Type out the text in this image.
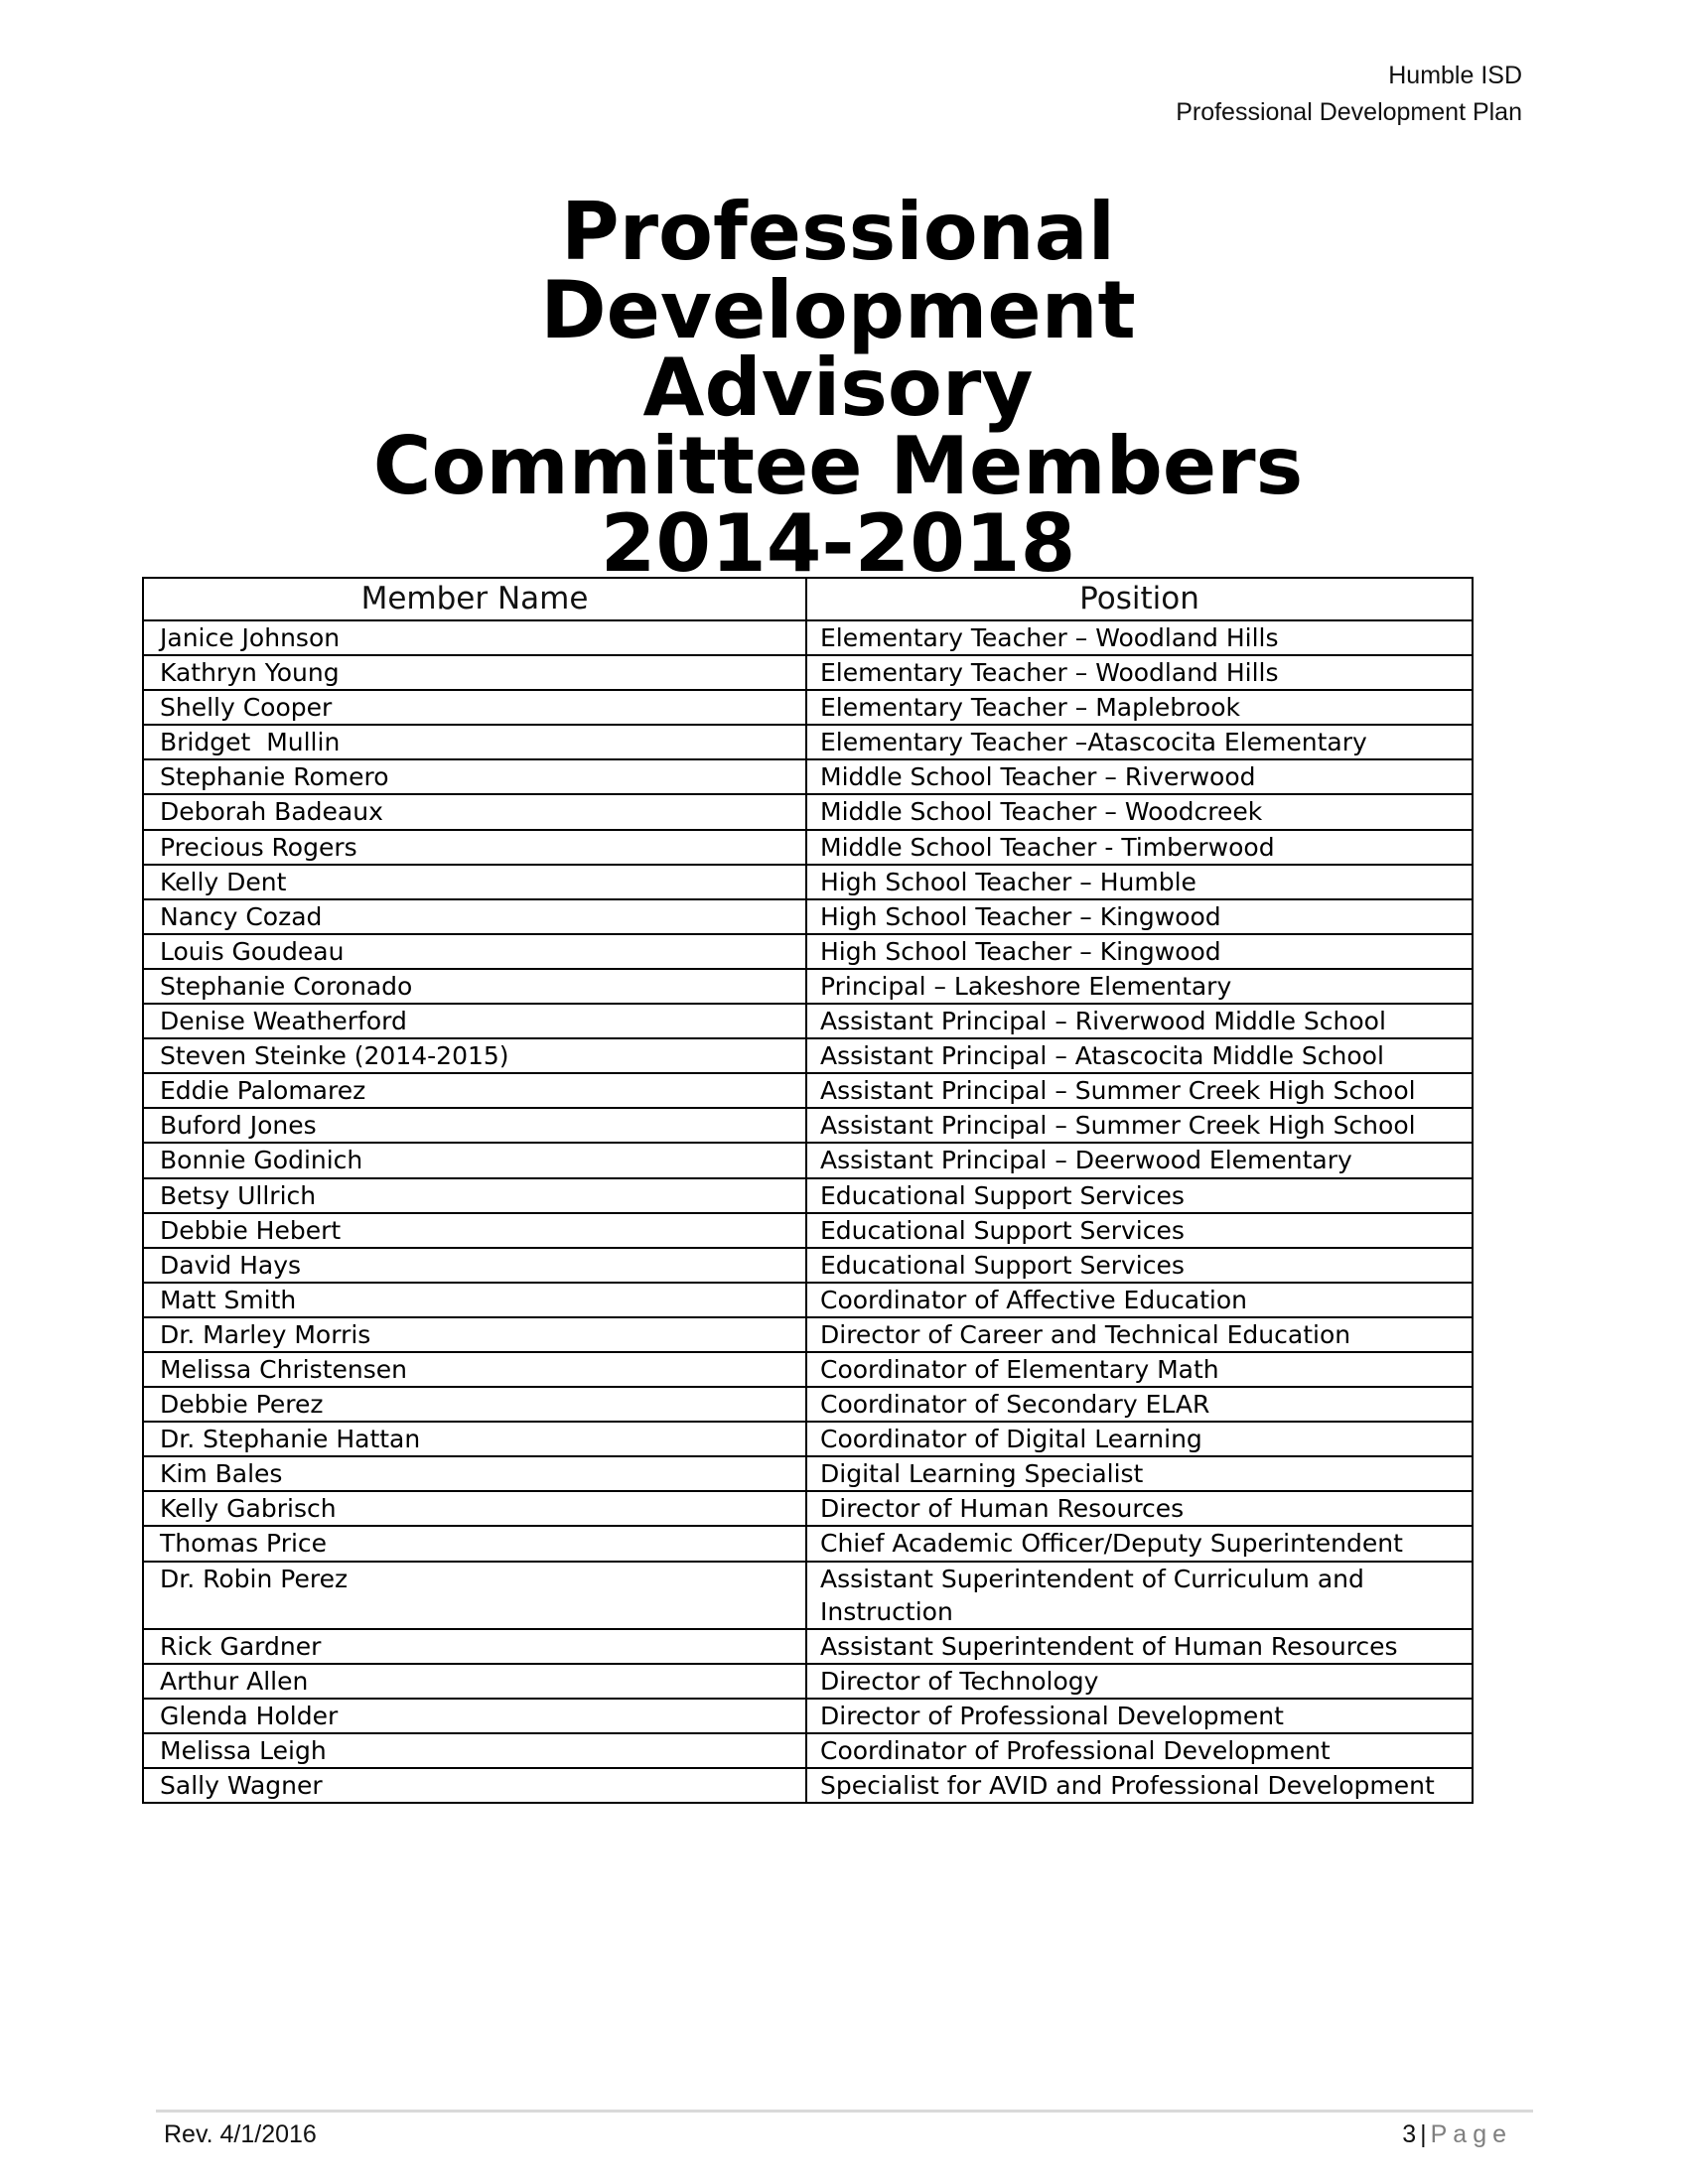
Humble ISD
Professional Development Plan
Professional
Development Advisory
Committee Members
2014-2018
Member Name	Position
Janice Johnson	Elementary Teacher – Woodland Hills
Kathryn Young	Elementary Teacher – Woodland Hills
Shelly Cooper	Elementary Teacher – Maplebrook
Bridget  Mullin	Elementary Teacher –Atascocita Elementary
Stephanie Romero	Middle School Teacher – Riverwood
Deborah Badeaux	Middle School Teacher – Woodcreek
Precious Rogers	Middle School Teacher - Timberwood
Kelly Dent	High School Teacher – Humble
Nancy Cozad	High School Teacher – Kingwood
Louis Goudeau	High School Teacher – Kingwood
Stephanie Coronado	Principal – Lakeshore Elementary
Denise Weatherford	Assistant Principal – Riverwood Middle School
Steven Steinke (2014-2015)	Assistant Principal – Atascocita Middle School
Eddie Palomarez	Assistant Principal – Summer Creek High School
Buford Jones	Assistant Principal – Summer Creek High School
Bonnie Godinich	Assistant Principal – Deerwood Elementary
Betsy Ullrich	Educational Support Services
Debbie Hebert	Educational Support Services
David Hays	Educational Support Services
Matt Smith	Coordinator of Affective Education
Dr. Marley Morris	Director of Career and Technical Education
Melissa Christensen	Coordinator of Elementary Math
Debbie Perez	Coordinator of Secondary ELAR
Dr. Stephanie Hattan	Coordinator of Digital Learning
Kim Bales	Digital Learning Specialist
Kelly Gabrisch	Director of Human Resources
Thomas Price	Chief Academic Officer/Deputy Superintendent
Dr. Robin Perez	Assistant Superintendent of Curriculum and Instruction
Rick Gardner	Assistant Superintendent of Human Resources
Arthur Allen	Director of Technology
Glenda Holder	Director of Professional Development
Melissa Leigh	Coordinator of Professional Development
Sally Wagner	Specialist for AVID and Professional Development
Rev. 4/1/2016	3 | Page
